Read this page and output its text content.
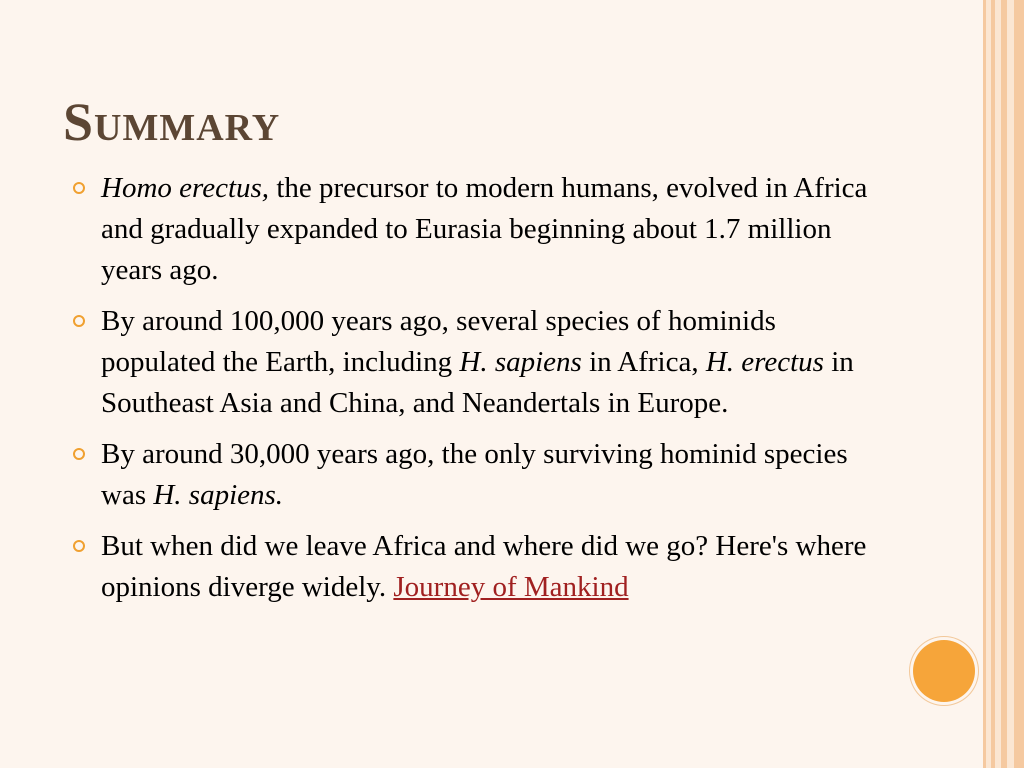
Summary
Homo erectus, the precursor to modern humans, evolved in Africa and gradually expanded to Eurasia beginning about 1.7 million years ago.
By around 100,000 years ago, several species of hominids populated the Earth, including H. sapiens in Africa, H. erectus in Southeast Asia and China, and Neandertals in Europe.
By around 30,000 years ago, the only surviving hominid species was H. sapiens.
But when did we leave Africa and where did we go? Here's where opinions diverge widely. Journey of Mankind
